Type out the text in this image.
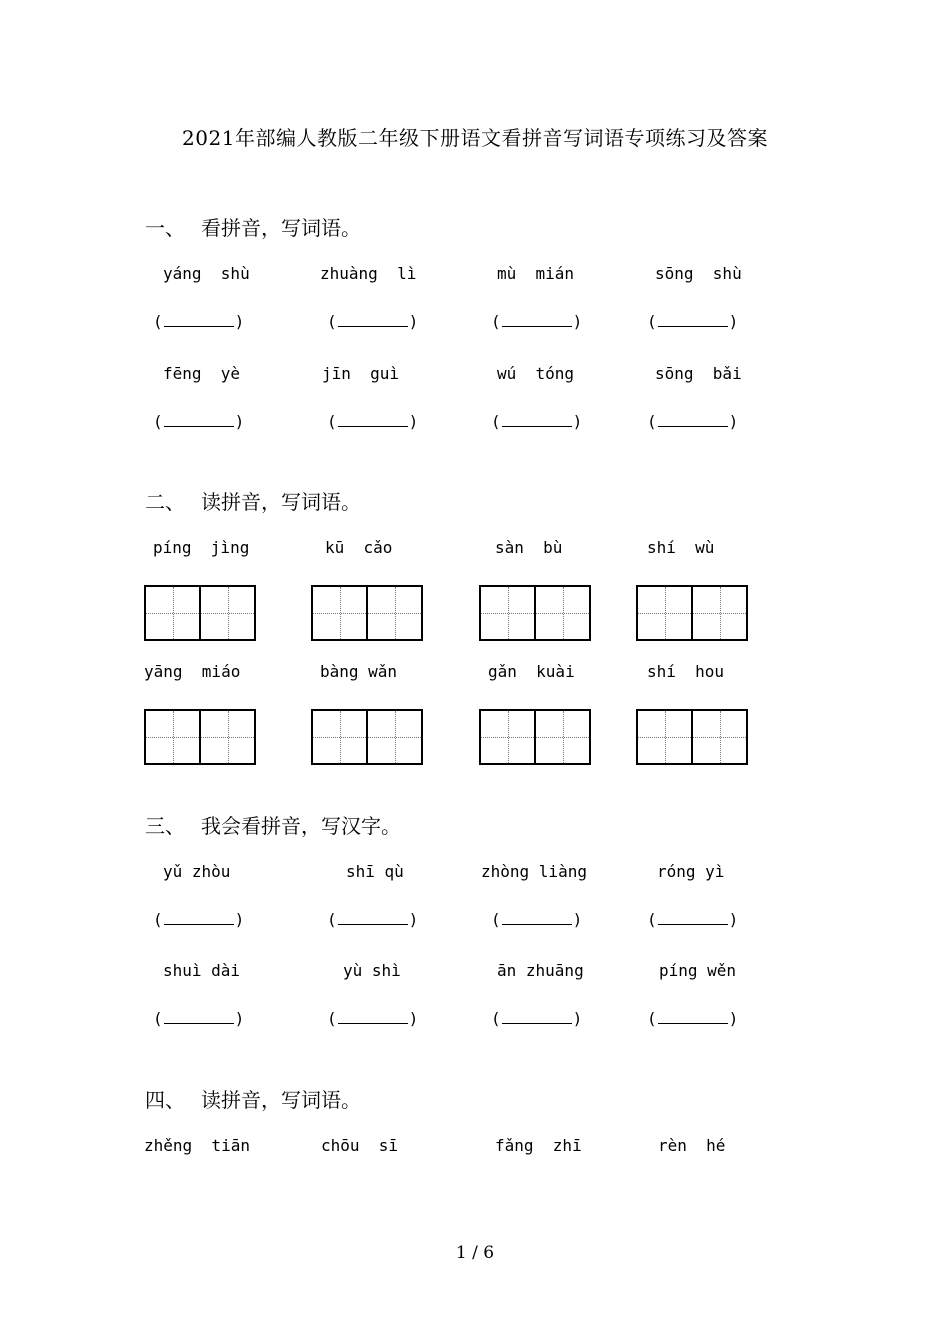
2021年部编人教版二年级下册语文看拼音写词语专项练习及答案
一、 看拼音，写词语。
yáng  shù	zhuàng  lì	mù  mián	sōng  shù
(	)	(	)	(	)	(	)
fēng  yè	jīn  guì	wú  tóng	sōng  bǎi
(	)	(	)	(	)	(	)
二、 读拼音，写词语。
píng  jìng	kū  cǎo	sàn  bù	shí  wù
yāng  miáo	bàng wǎn	gǎn  kuài	shí  hou
三、 我会看拼音，写汉字。
yǔ zhòu	shī qù	zhòng liàng	róng yì
(	)	(	)	(	)	(	)
shuì dài	yù shì	ān zhuāng	píng wěn
(	)	(	)	(	)	(	)
四、 读拼音，写词语。
zhěng  tiān	chōu  sī	fǎng  zhī	rèn  hé
1 / 6
